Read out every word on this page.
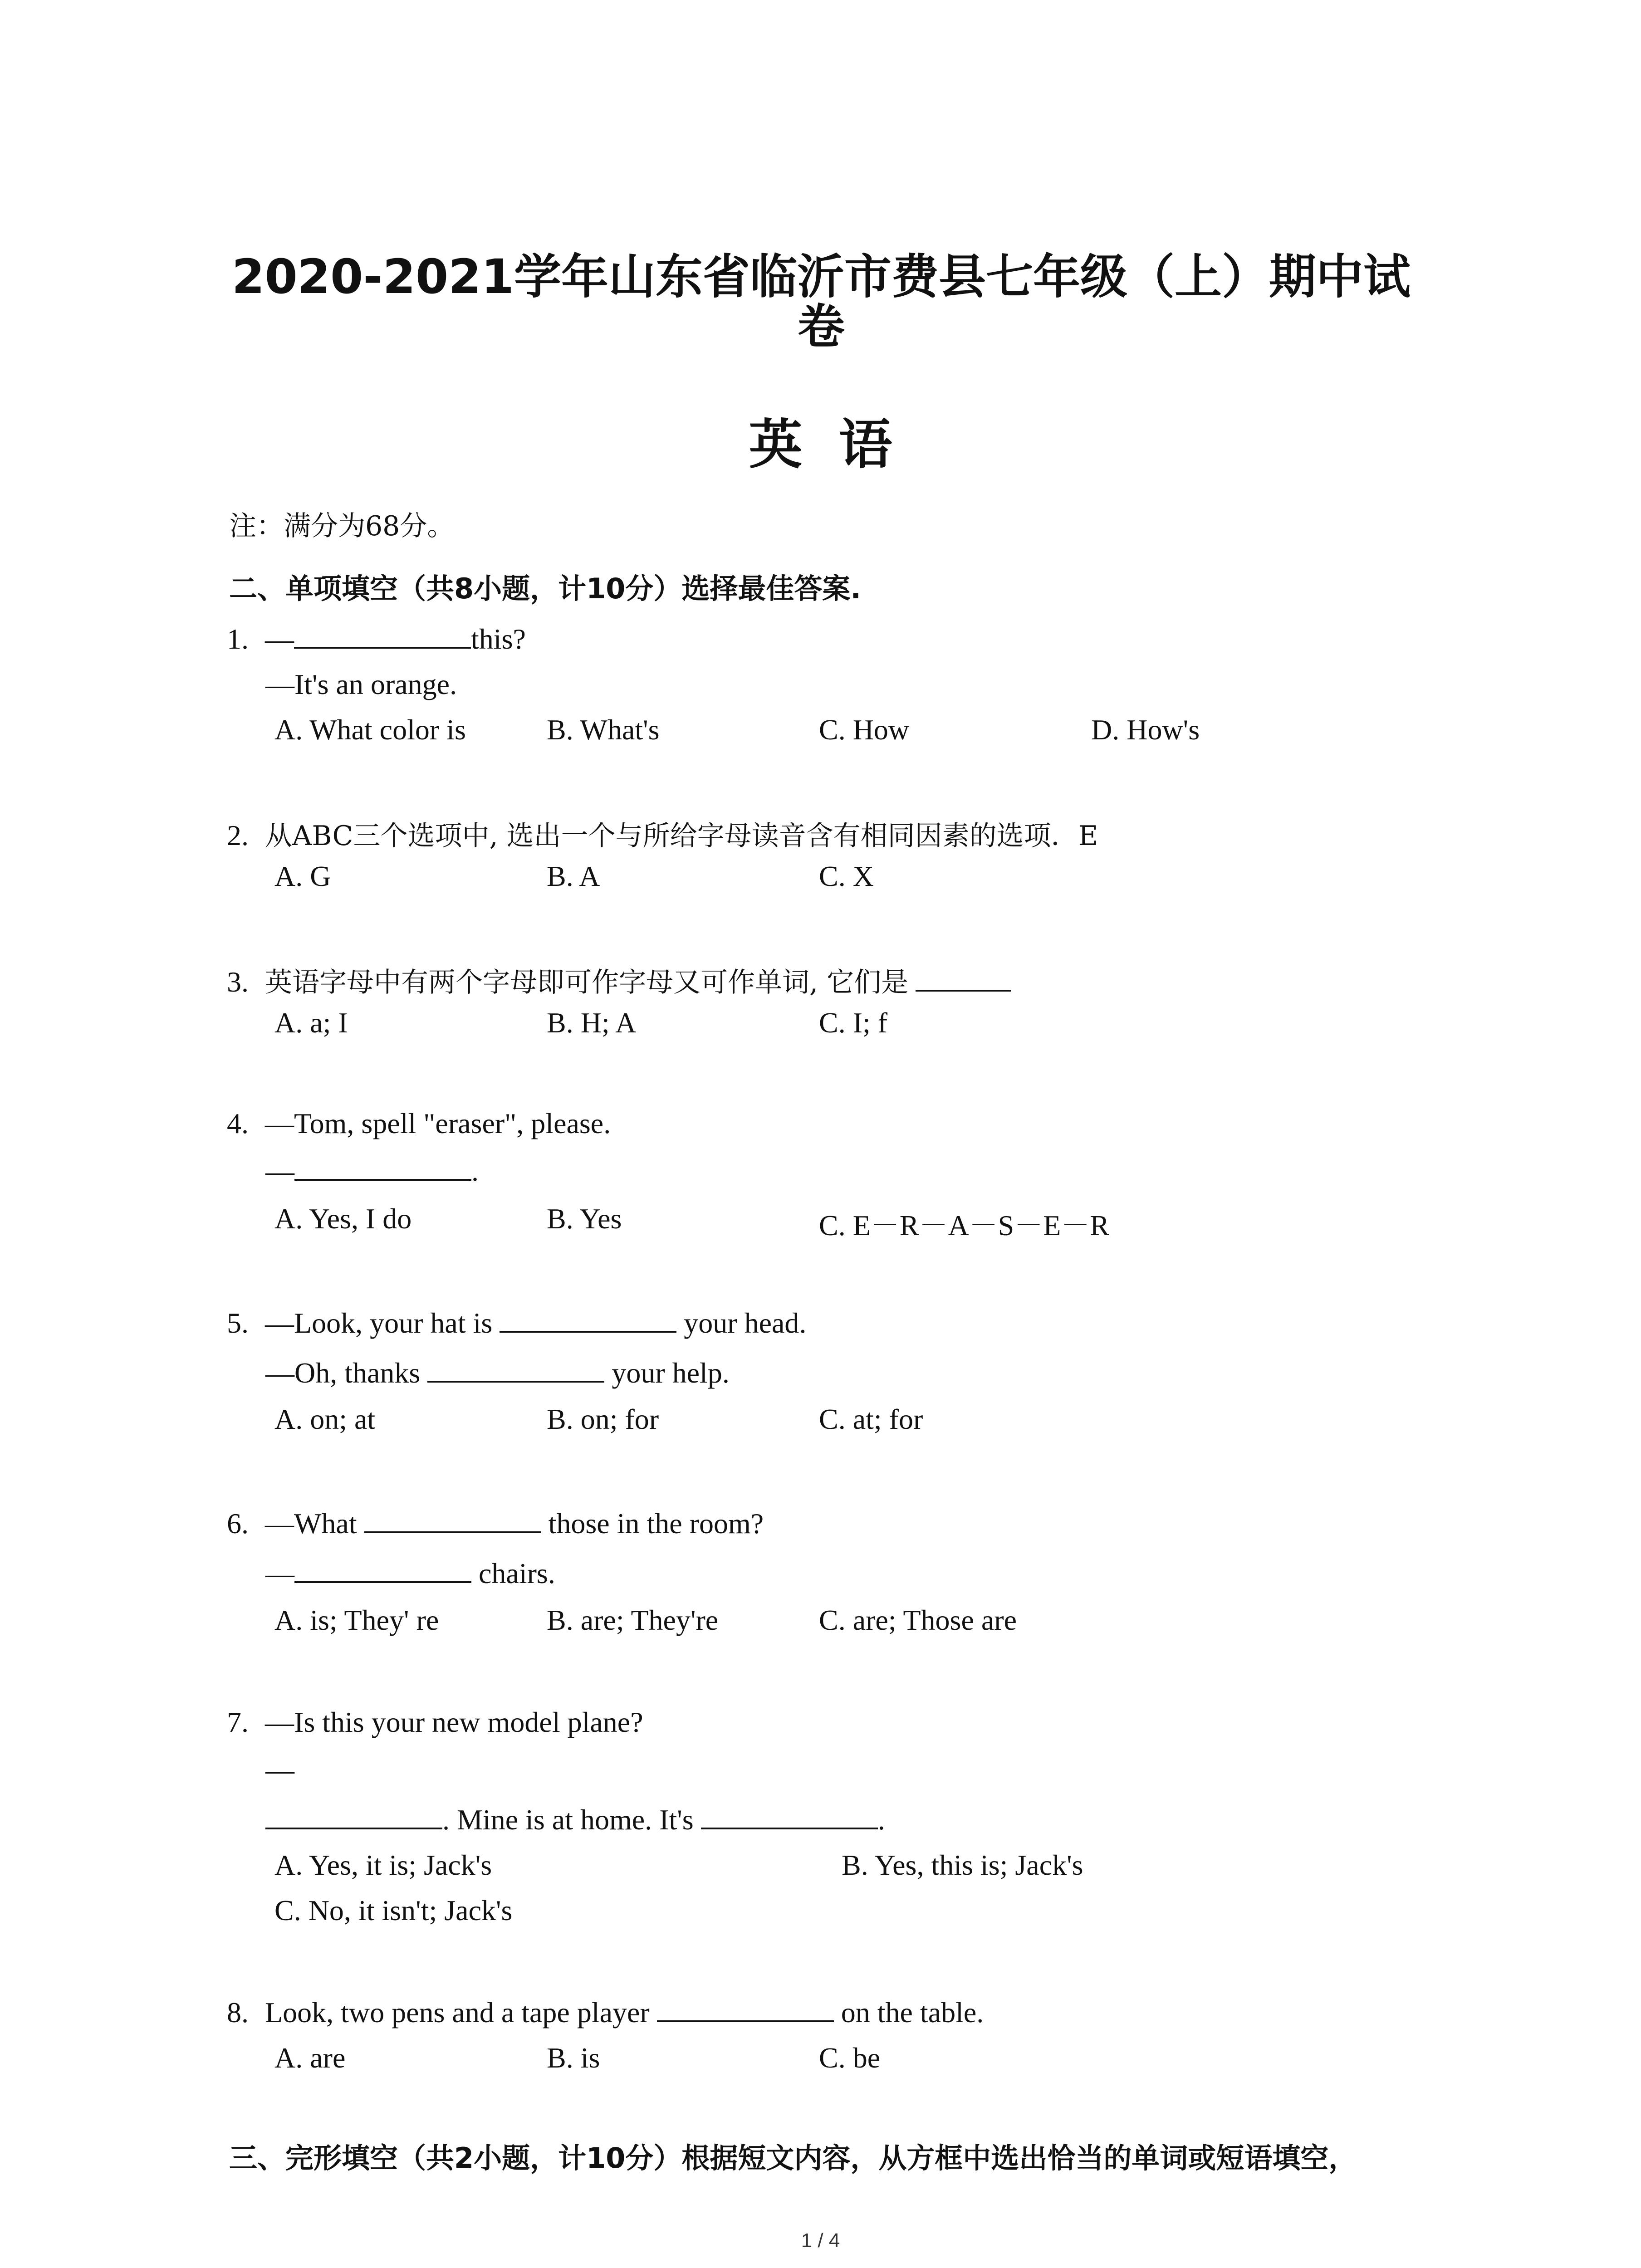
2020-2021学年山东省临沂市费县七年级（上）期中试
卷
英语
注：满分为68分。
二、单项填空（共8小题，计10分）选择最佳答案.
1. —	this?
—It's an orange.
A. What color is	B. What's	C. How	D. How's
2. 从ABC三个选项中, 选出一个与所给字母读音含有相同因素的选项．E
A. G	B. A	C. X
3. 英语字母中有两个字母即可作字母又可作单词, 它们是
A. a; I	B. H; A	C. I; f
4. —Tom, spell "eraser", please.
—	.
A. Yes, I do	B. Yes	C. E－R－A－S－E－R
5. —Look, your hat is	your head.
—Oh, thanks	your help.
A. on; at	B. on; for	C. at; for
6. —What	those in the room?
—	chairs.
A. is; They' re	B. are; They're	C. are; Those are
7. —Is this your new model plane?
—
. Mine is at home. It's	.
A. Yes, it is; Jack's	B. Yes, this is; Jack's
C. No, it isn't; Jack's
8. Look, two pens and a tape player	on the table.
A. are	B. is	C. be
三、完形填空（共2小题，计10分）根据短文内容，从方框中选出恰当的单词或短语填空，
1 / 4
